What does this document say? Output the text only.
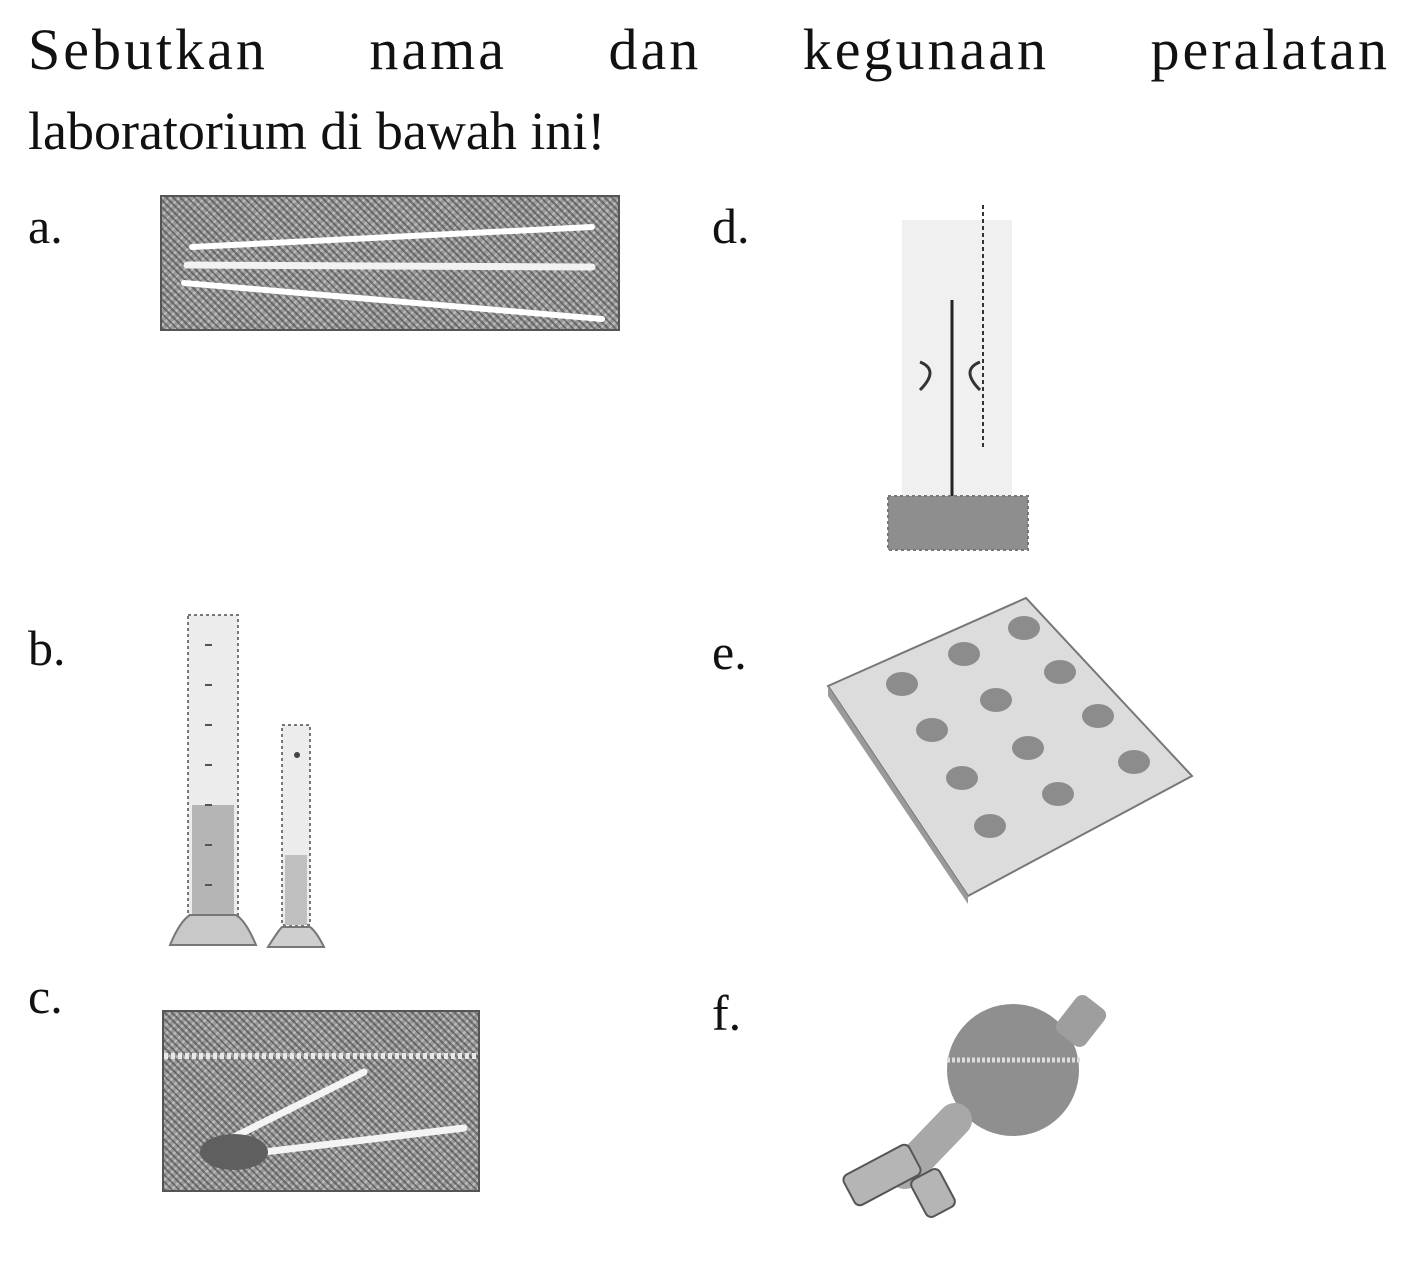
Sebutkan nama dan kegunaan peralatan
laboratorium di bawah ini!
a.
b.
c.
d.
e.
f.
